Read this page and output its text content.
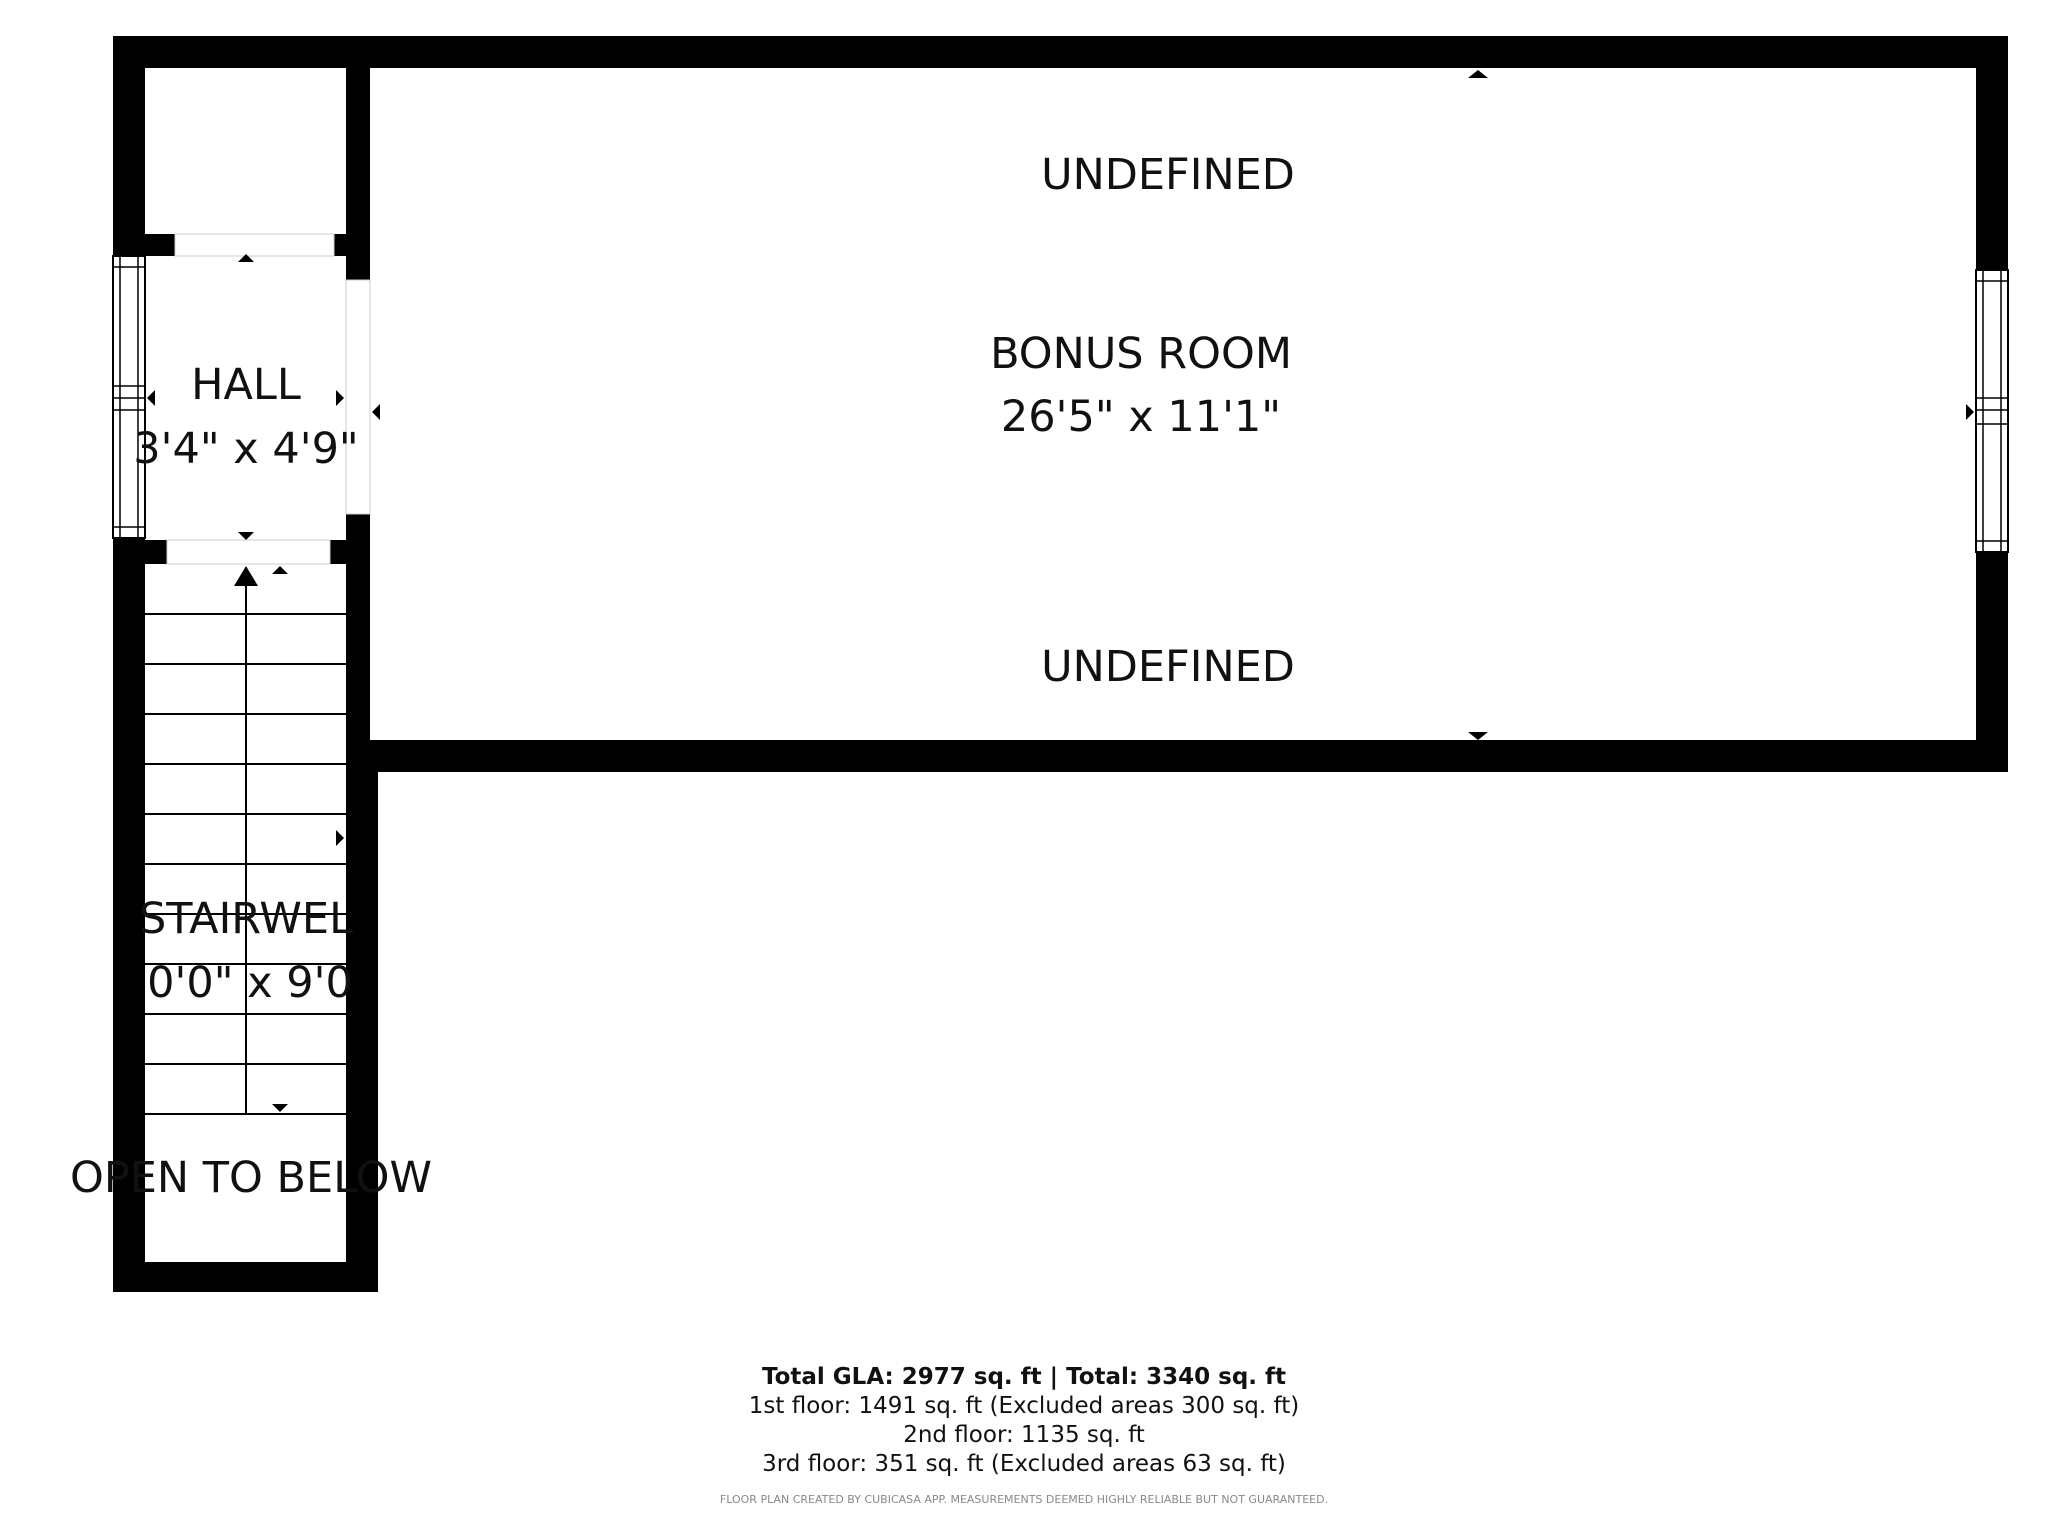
UNDEFINED
BONUS ROOM
26'5" x 11'1"
UNDEFINED
HALL
3'4" x 4'9"
STAIRWEL
0'0" x 9'0
OPEN TO BELOW
Total GLA: 2977 sq. ft | Total: 3340 sq. ft
1st floor: 1491 sq. ft (Excluded areas 300 sq. ft)
2nd floor: 1135 sq. ft
3rd floor: 351 sq. ft (Excluded areas 63 sq. ft)
FLOOR PLAN CREATED BY CUBICASA APP. MEASUREMENTS DEEMED HIGHLY RELIABLE BUT NOT GUARANTEED.
